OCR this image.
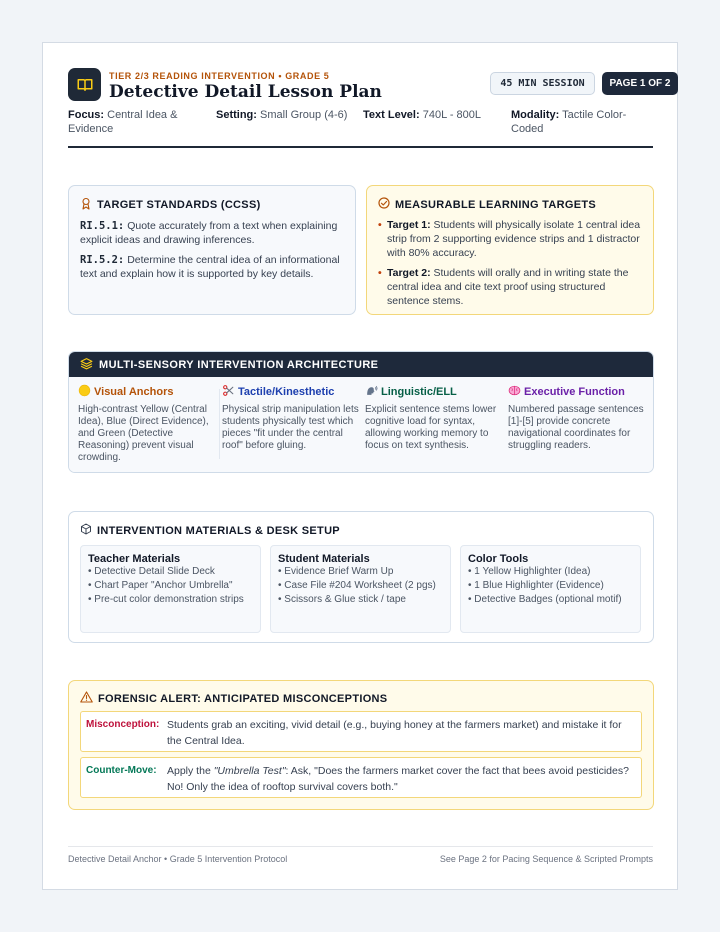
TIER 2/3 READING INTERVENTION • GRADE 5
Detective Detail Lesson Plan	45 MIN SESSION	PAGE 1 OF 2
Focus: Central Idea & Evidence
Setting: Small Group (4-6)	Text Level: 740L - 800L	Modality: Tactile Color-Coded
TARGET STANDARDS (CCSS)
RI.5.1: Quote accurately from a text when explaining explicit ideas and drawing inferences.
RI.5.2: Determine the central idea of an informational text and explain how it is supported by key details.
MEASURABLE LEARNING TARGETS
• Target 1: Students will physically isolate 1 central idea strip from 2 supporting evidence strips and 1 distractor with 80% accuracy.
• Target 2: Students will orally and in writing state the central idea and cite text proof using structured sentence stems.
MULTI-SENSORY INTERVENTION ARCHITECTURE
Visual Anchors
High-contrast Yellow (Central Idea), Blue (Direct Evidence), and Green (Detective Reasoning) prevent visual crowding.
Tactile/Kinesthetic
Physical strip manipulation lets students physically test which pieces "fit under the central roof" before gluing.
Linguistic/ELL
Explicit sentence stems lower cognitive load for syntax, allowing working memory to focus on text synthesis.
Executive Function
Numbered passage sentences [1]-[5] provide concrete navigational coordinates for struggling readers.
INTERVENTION MATERIALS & DESK SETUP
Teacher Materials
• Detective Detail Slide Deck
• Chart Paper "Anchor Umbrella"
• Pre-cut color demonstration strips
Student Materials
• Evidence Brief Warm Up
• Case File #204 Worksheet (2 pgs)
• Scissors & Glue stick / tape
Color Tools
• 1 Yellow Highlighter (Idea)
• 1 Blue Highlighter (Evidence)
• Detective Badges (optional motif)
FORENSIC ALERT: ANTICIPATED MISCONCEPTIONS
Misconception: Students grab an exciting, vivid detail (e.g., buying honey at the farmers market) and mistake it for the Central Idea.
Counter-Move: Apply the "Umbrella Test": Ask, "Does the farmers market cover the fact that bees avoid pesticides? No! Only the idea of rooftop survival covers both."
Detective Detail Anchor • Grade 5 Intervention Protocol	See Page 2 for Pacing Sequence & Scripted Prompts
